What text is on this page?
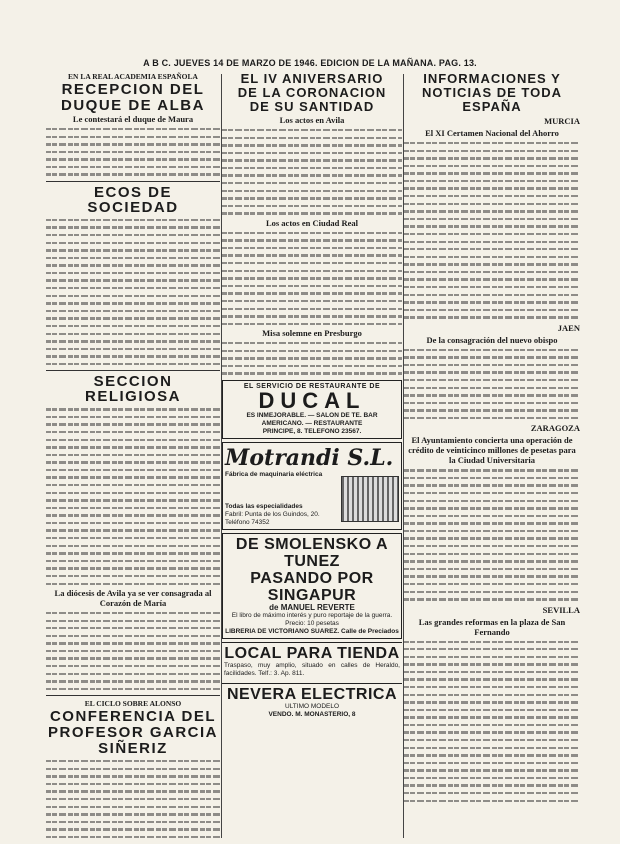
A B C. JUEVES 14 DE MARZO DE 1946. EDICION DE LA MAÑANA. PAG. 13.
EN LA REAL ACADEMIA ESPAÑOLA
RECEPCION DEL
DUQUE DE ALBA
Le contestará el duque de Maura
ECOS DE SOCIEDAD
SECCION RELIGIOSA
La diócesis de Avila ya se ver consagrada al Corazón de María
EL CICLO SOBRE ALONSO
CONFERENCIA DEL
PROFESOR GARCIA
SIÑERIZ
EL IV ANIVERSARIO
DE LA CORONACION
DE SU SANTIDAD
Los actos en Avila
Los actos en Ciudad Real
Misa solemne en Presburgo
EL SERVICIO DE RESTAURANTE DE
DUCAL
ES INMEJORABLE. — SALON DE TE. BAR AMERICANO. — RESTAURANTE
PRINCIPE, 8. TELEFONO 23567.
Motrandi S.L.
Fábrica de maquinaria eléctrica
Todas las especialidades
Fabril: Punta de los Guindos, 20. Teléfono 74352
DE SMOLENSKO A TUNEZ
PASANDO POR SINGAPUR
de MANUEL REVERTE
El libro de máximo interés y puro reportaje de la guerra. Precio: 10 pesetas
LIBRERIA DE VICTORIANO SUAREZ. Calle de Preciados
LOCAL PARA TIENDA
Traspaso, muy amplio, situado en calles de Heraldo, facilidades. Telf.: 3. Ap. 811.
NEVERA ELECTRICA
ULTIMO MODELO
VENDO. M. MONASTERIO, 8
INFORMACIONES Y
NOTICIAS DE TODA
ESPAÑA
MURCIA
El XI Certamen Nacional del Ahorro
JAEN
De la consagración del nuevo obispo
ZARAGOZA
El Ayuntamiento concierta una operación de crédito de veinticinco millones de pesetas para la Ciudad Universitaria
SEVILLA
Las grandes reformas en la plaza de San Fernando
